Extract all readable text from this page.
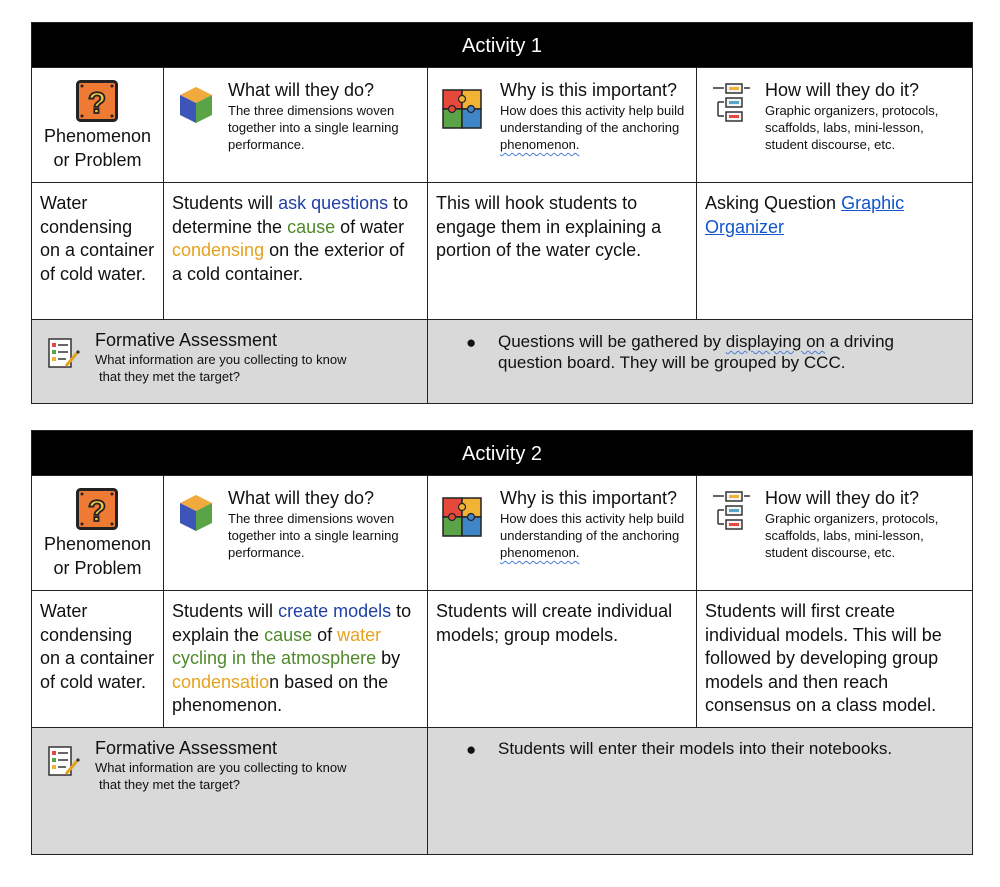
Activity 1
?
Phenomenon
or Problem
What will they do?
The three dimensions woven together into a single learning performance.
Why is this important?
How does this activity help build understanding of the anchoring phenomenon.
How will they do it?
Graphic organizers, protocols, scaffolds, labs, mini-lesson, student discourse, etc.
Water condensing on a container of cold water.
Students will ask questions to determine the cause of water condensing on the exterior of a cold container.
This will hook students to engage them in explaining a portion of the water cycle.
Asking Question Graphic Organizer
Formative Assessment
What information are you collecting to know
that they met the target?
● Questions will be gathered by displaying on a driving question board. They will be grouped by CCC.
Activity 2
?
Phenomenon
or Problem
What will they do?
The three dimensions woven together into a single learning performance.
Why is this important?
How does this activity help build understanding of the anchoring phenomenon.
How will they do it?
Graphic organizers, protocols, scaffolds, labs, mini-lesson, student discourse, etc.
Water condensing on a container of cold water.
Students will create models to explain the cause of water cycling in the atmosphere by condensation based on the phenomenon.
Students will create individual models; group models.
Students will first create individual models. This will be followed by developing group models and then reach consensus on a class model.
Formative Assessment
What information are you collecting to know
that they met the target?
● Students will enter their models into their notebooks.
